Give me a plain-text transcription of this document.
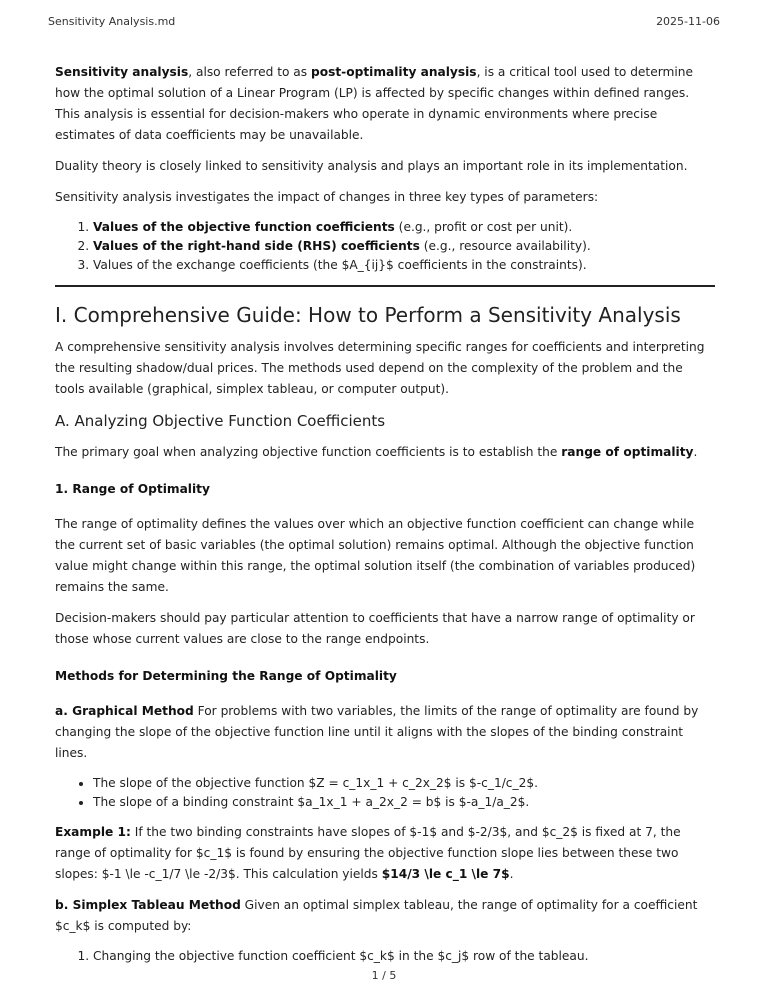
Sensitivity Analysis.md	2025-11-06

Sensitivity analysis, also referred to as post-optimality analysis, is a critical tool used to determine how the optimal solution of a Linear Program (LP) is affected by specific changes within defined ranges. This analysis is essential for decision-makers who operate in dynamic environments where precise estimates of data coefficients may be unavailable.

Duality theory is closely linked to sensitivity analysis and plays an important role in its implementation.

Sensitivity analysis investigates the impact of changes in three key types of parameters:

1. Values of the objective function coefficients (e.g., profit or cost per unit).
2. Values of the right-hand side (RHS) coefficients (e.g., resource availability).
3. Values of the exchange coefficients (the $A_{ij}$ coefficients in the constraints).
I. Comprehensive Guide: How to Perform a Sensitivity Analysis

A comprehensive sensitivity analysis involves determining specific ranges for coefficients and interpreting the resulting shadow/dual prices. The methods used depend on the complexity of the problem and the tools available (graphical, simplex tableau, or computer output).

A. Analyzing Objective Function Coefficients

The primary goal when analyzing objective function coefficients is to establish the range of optimality.

1. Range of Optimality

The range of optimality defines the values over which an objective function coefficient can change while the current set of basic variables (the optimal solution) remains optimal. Although the objective function value might change within this range, the optimal solution itself (the combination of variables produced) remains the same.

Decision-makers should pay particular attention to coefficients that have a narrow range of optimality or those whose current values are close to the range endpoints.

Methods for Determining the Range of Optimality

a. Graphical Method For problems with two variables, the limits of the range of optimality are found by changing the slope of the objective function line until it aligns with the slopes of the binding constraint lines.

• The slope of the objective function $Z = c_1x_1 + c_2x_2$ is $-c_1/c_2$.
• The slope of a binding constraint $a_1x_1 + a_2x_2 = b$ is $-a_1/a_2$.

Example 1: If the two binding constraints have slopes of $-1$ and $-2/3$, and $c_2$ is fixed at 7, the range of optimality for $c_1$ is found by ensuring the objective function slope lies between these two slopes: $-1 \le -c_1/7 \le -2/3$. This calculation yields $14/3 \le c_1 \le 7$.

b. Simplex Tableau Method Given an optimal simplex tableau, the range of optimality for a coefficient $c_k$ is computed by:

1. Changing the objective function coefficient $c_k$ in the $c_j$ row of the tableau.
1 / 5
